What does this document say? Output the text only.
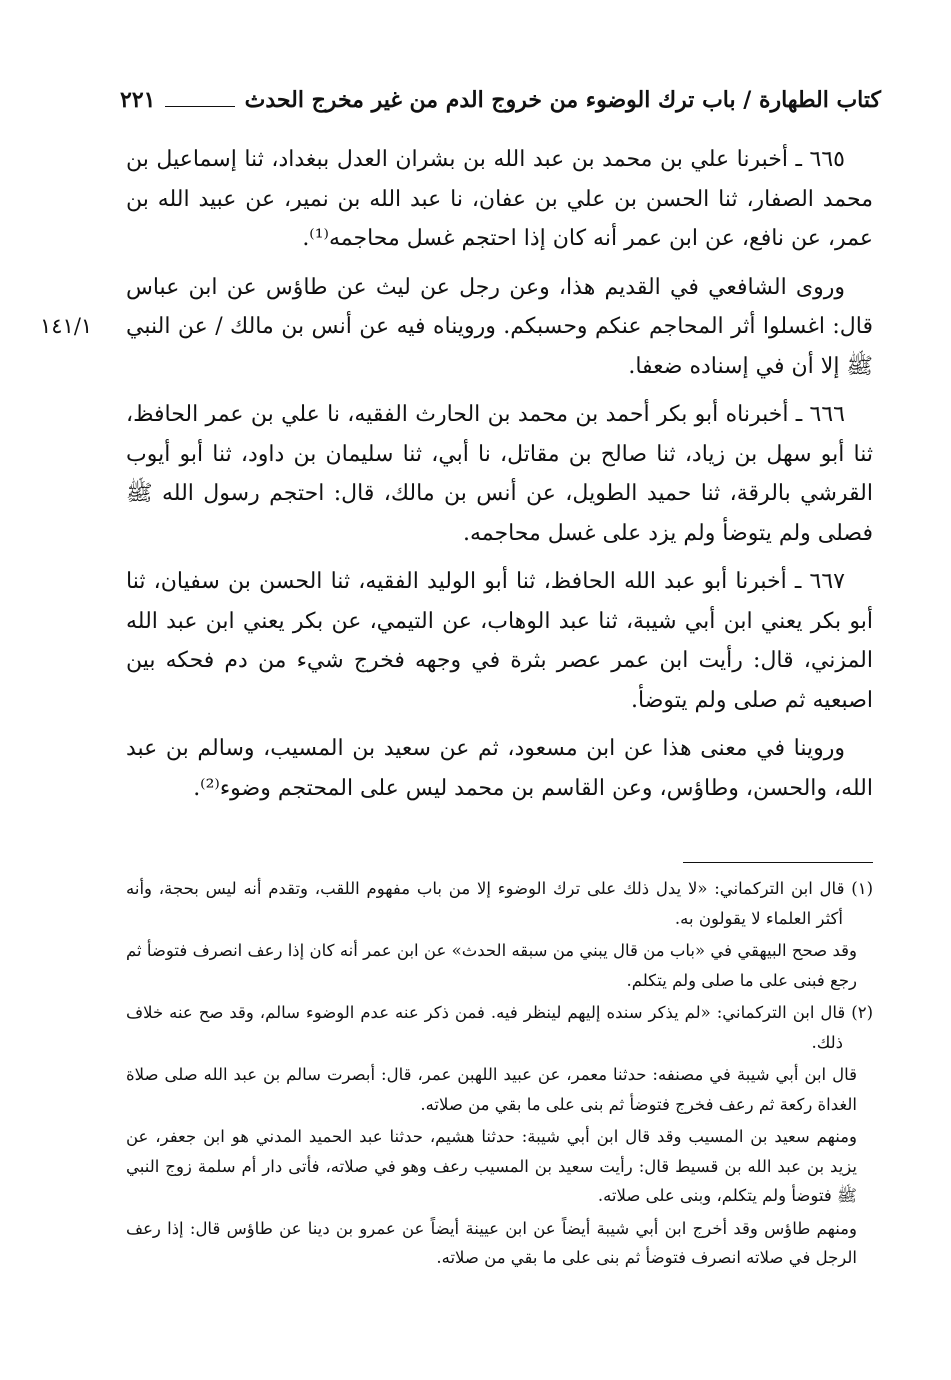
كتاب الطهارة / باب ترك الوضوء من خروج الدم من غير مخرج الحدث
٢٢١
١٤١/١

٦٦٥ ـ أخبرنا علي بن محمد بن عبد الله بن بشران العدل ببغداد، ثنا إسماعيل بن محمد الصفار، ثنا الحسن بن علي بن عفان، نا عبد الله بن نمير، عن عبيد الله بن عمر، عن نافع، عن ابن عمر أنه كان إذا احتجم غسل محاجمه⁽¹⁾.

وروى الشافعي في القديم هذا، وعن رجل عن ليث عن طاؤس عن ابن عباس قال: اغسلوا أثر المحاجم عنكم وحسبكم. ورويناه فيه عن أنس بن مالك / عن النبي ﷺ إلا أن في إسناده ضعفا.

٦٦٦ ـ أخبرناه أبو بكر أحمد بن محمد بن الحارث الفقيه، نا علي بن عمر الحافظ، ثنا أبو سهل بن زياد، ثنا صالح بن مقاتل، نا أبي، ثنا سليمان بن داود، ثنا أبو أيوب القرشي بالرقة، ثنا حميد الطويل، عن أنس بن مالك، قال: احتجم رسول الله ﷺ فصلى ولم يتوضأ ولم يزد على غسل محاجمه.

٦٦٧ ـ أخبرنا أبو عبد الله الحافظ، ثنا أبو الوليد الفقيه، ثنا الحسن بن سفيان، ثنا أبو بكر يعني ابن أبي شيبة، ثنا عبد الوهاب، عن التيمي، عن بكر يعني ابن عبد الله المزني، قال: رأيت ابن عمر عصر بثرة في وجهه فخرج شيء من دم فحكه بين اصبعيه ثم صلى ولم يتوضأ.

وروينا في معنى هذا عن ابن مسعود، ثم عن سعيد بن المسيب، وسالم بن عبد الله، والحسن، وطاؤس، وعن القاسم بن محمد ليس على المحتجم وضوء⁽²⁾.

(١) قال ابن التركماني: «لا يدل ذلك على ترك الوضوء إلا من باب مفهوم اللقب، وتقدم أنه ليس بحجة، وأنه أكثر العلماء لا يقولون به.

وقد صحح البيهقي في «باب من قال يبني من سبقه الحدث» عن ابن عمر أنه كان إذا رعف انصرف فتوضأ ثم رجع فبنى على ما صلى ولم يتكلم.

(٢) قال ابن التركماني: «لم يذكر سنده إليهم لينظر فيه. فمن ذكر عنه عدم الوضوء سالم، وقد صح عنه خلاف ذلك.

قال ابن أبي شيبة في مصنفه: حدثنا معمر، عن عبيد اللهبن عمر، قال: أبصرت سالم بن عبد الله صلى صلاة الغداة ركعة ثم رعف فخرج فتوضأ ثم بنى على ما بقي من صلاته.

ومنهم سعيد بن المسيب وقد قال ابن أبي شيبة: حدثنا هشيم، حدثنا عبد الحميد المدني هو ابن جعفر، عن يزيد بن عبد الله بن قسيط قال: رأيت سعيد بن المسيب رعف وهو في صلاته، فأتى دار أم سلمة زوج النبي ﷺ فتوضأ ولم يتكلم، وبنى على صلاته.

ومنهم طاؤس وقد أخرج ابن أبي شيبة أيضاً عن ابن عيينة أيضاً عن عمرو بن دينا عن طاؤس قال: إذا رعف الرجل في صلاته انصرف فتوضأ ثم بنى على ما بقي من صلاته.
